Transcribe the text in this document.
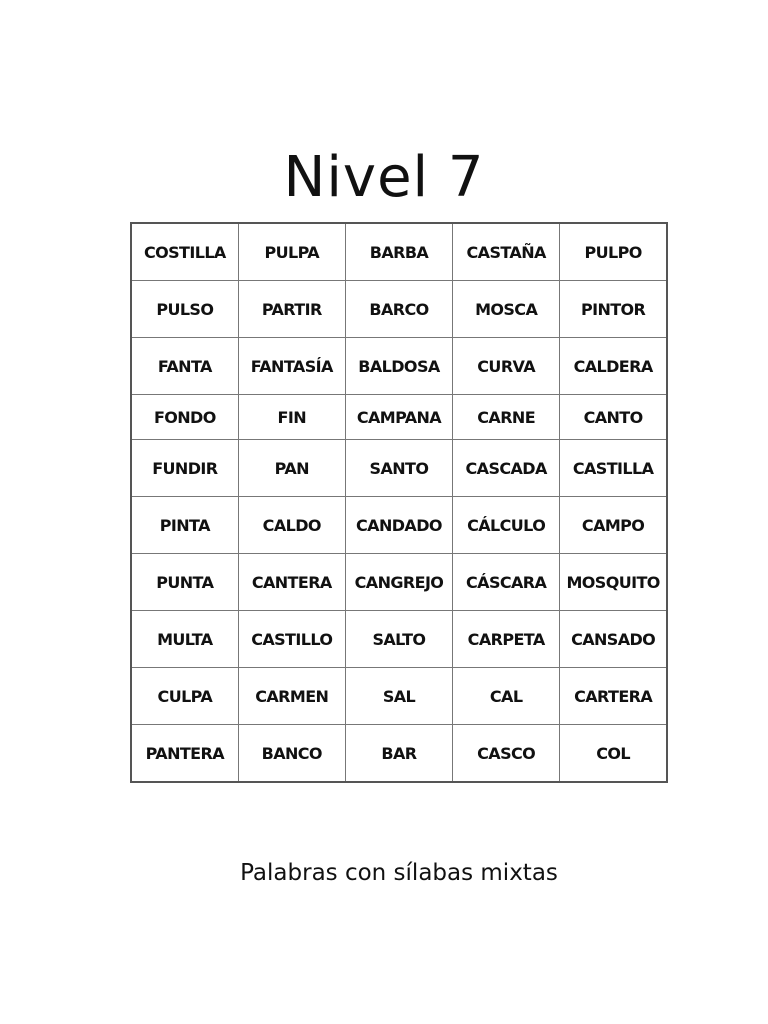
Nivel 7
COSTILLA	PULPA	BARBA	CASTAÑA	PULPO
PULSO	PARTIR	BARCO	MOSCA	PINTOR
FANTA	FANTASÍA	BALDOSA	CURVA	CALDERA
FONDO	FIN	CAMPANA	CARNE	CANTO
FUNDIR	PAN	SANTO	CASCADA	CASTILLA
PINTA	CALDO	CANDADO	CÁLCULO	CAMPO
PUNTA	CANTERA	CANGREJO	CÁSCARA	MOSQUITO
MULTA	CASTILLO	SALTO	CARPETA	CANSADO
CULPA	CARMEN	SAL	CAL	CARTERA
PANTERA	BANCO	BAR	CASCO	COL
Palabras con sílabas mixtas
